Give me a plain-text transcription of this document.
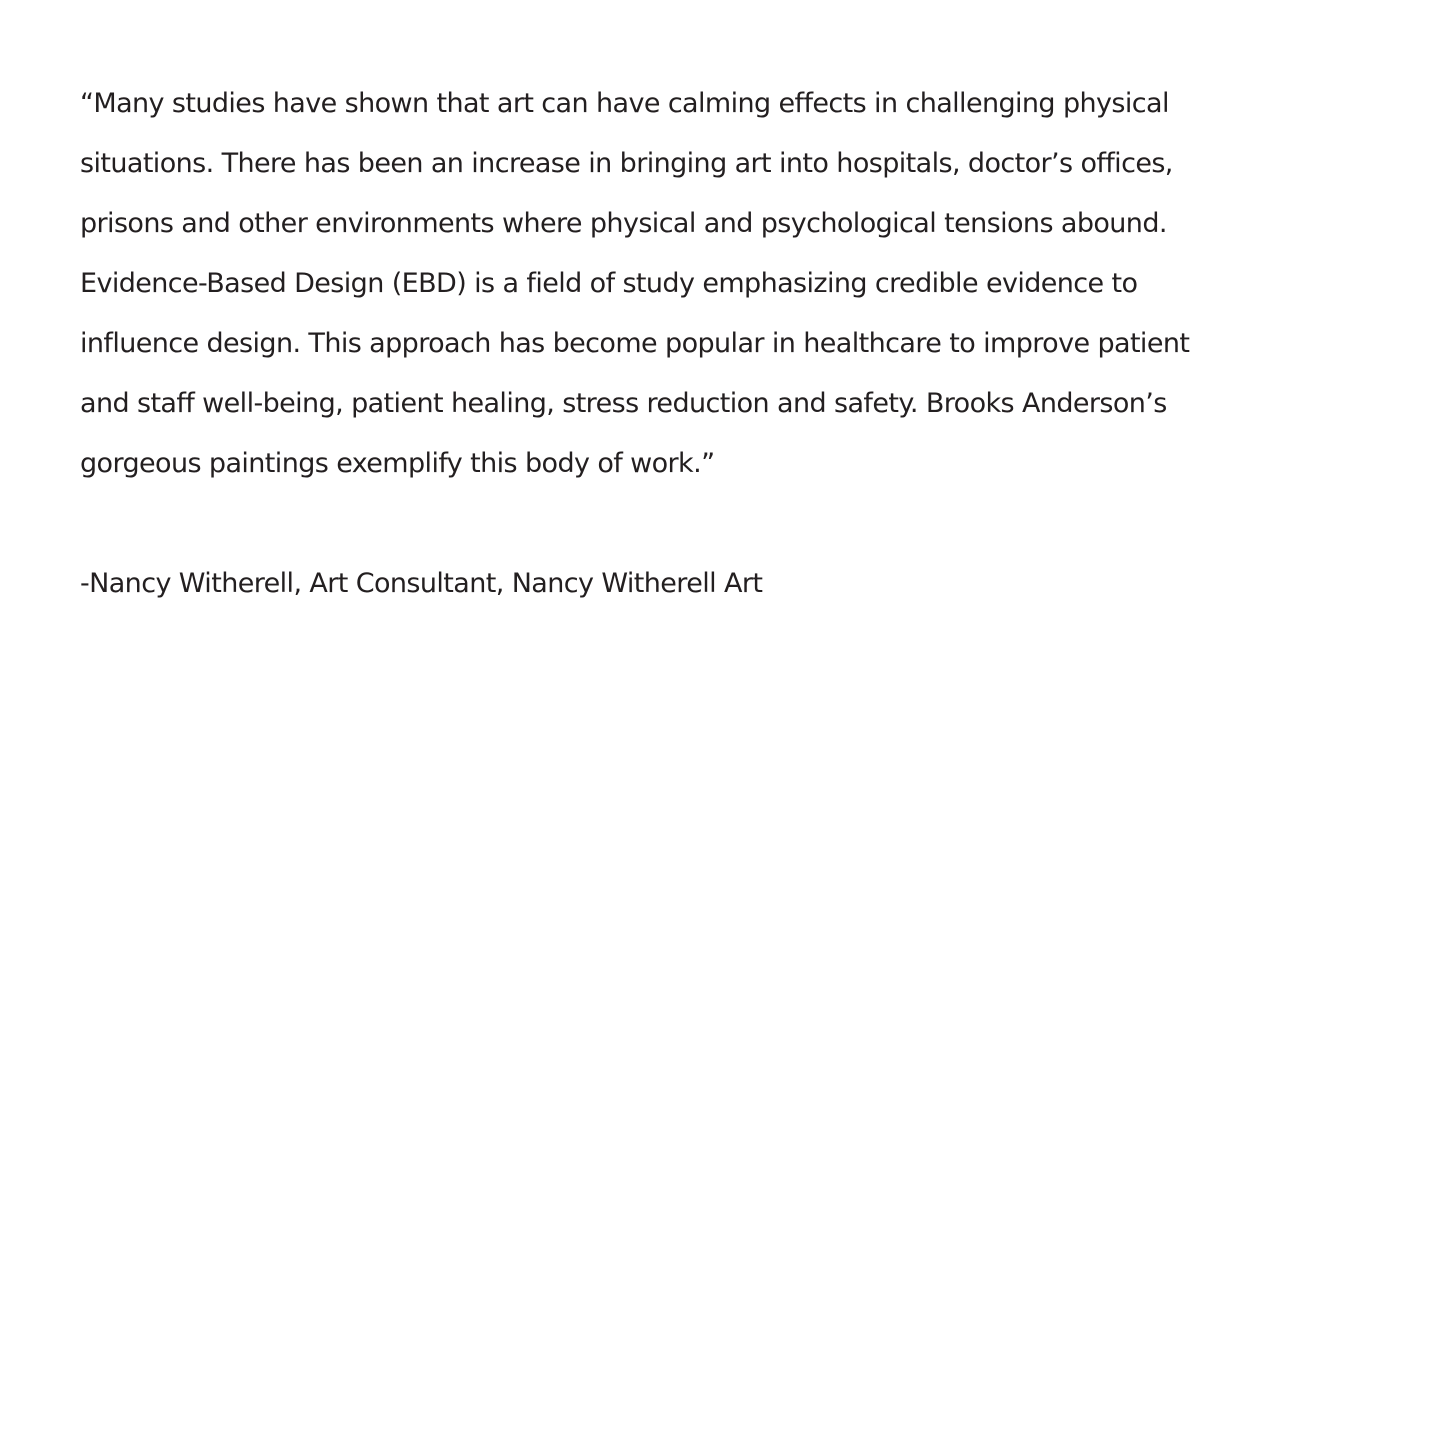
“Many studies have shown that art can have calming effects in challenging physical

situations. There has been an increase in bringing art into hospitals, doctor’s offices,

prisons and other environments where physical and psychological tensions abound.

Evidence-Based Design (EBD) is a field of study emphasizing credible evidence to

influence design. This approach has become popular in healthcare to improve patient

and staff well-being, patient healing, stress reduction and safety. Brooks Anderson’s

gorgeous paintings exemplify this body of work.”

-Nancy Witherell, Art Consultant, Nancy Witherell Art
